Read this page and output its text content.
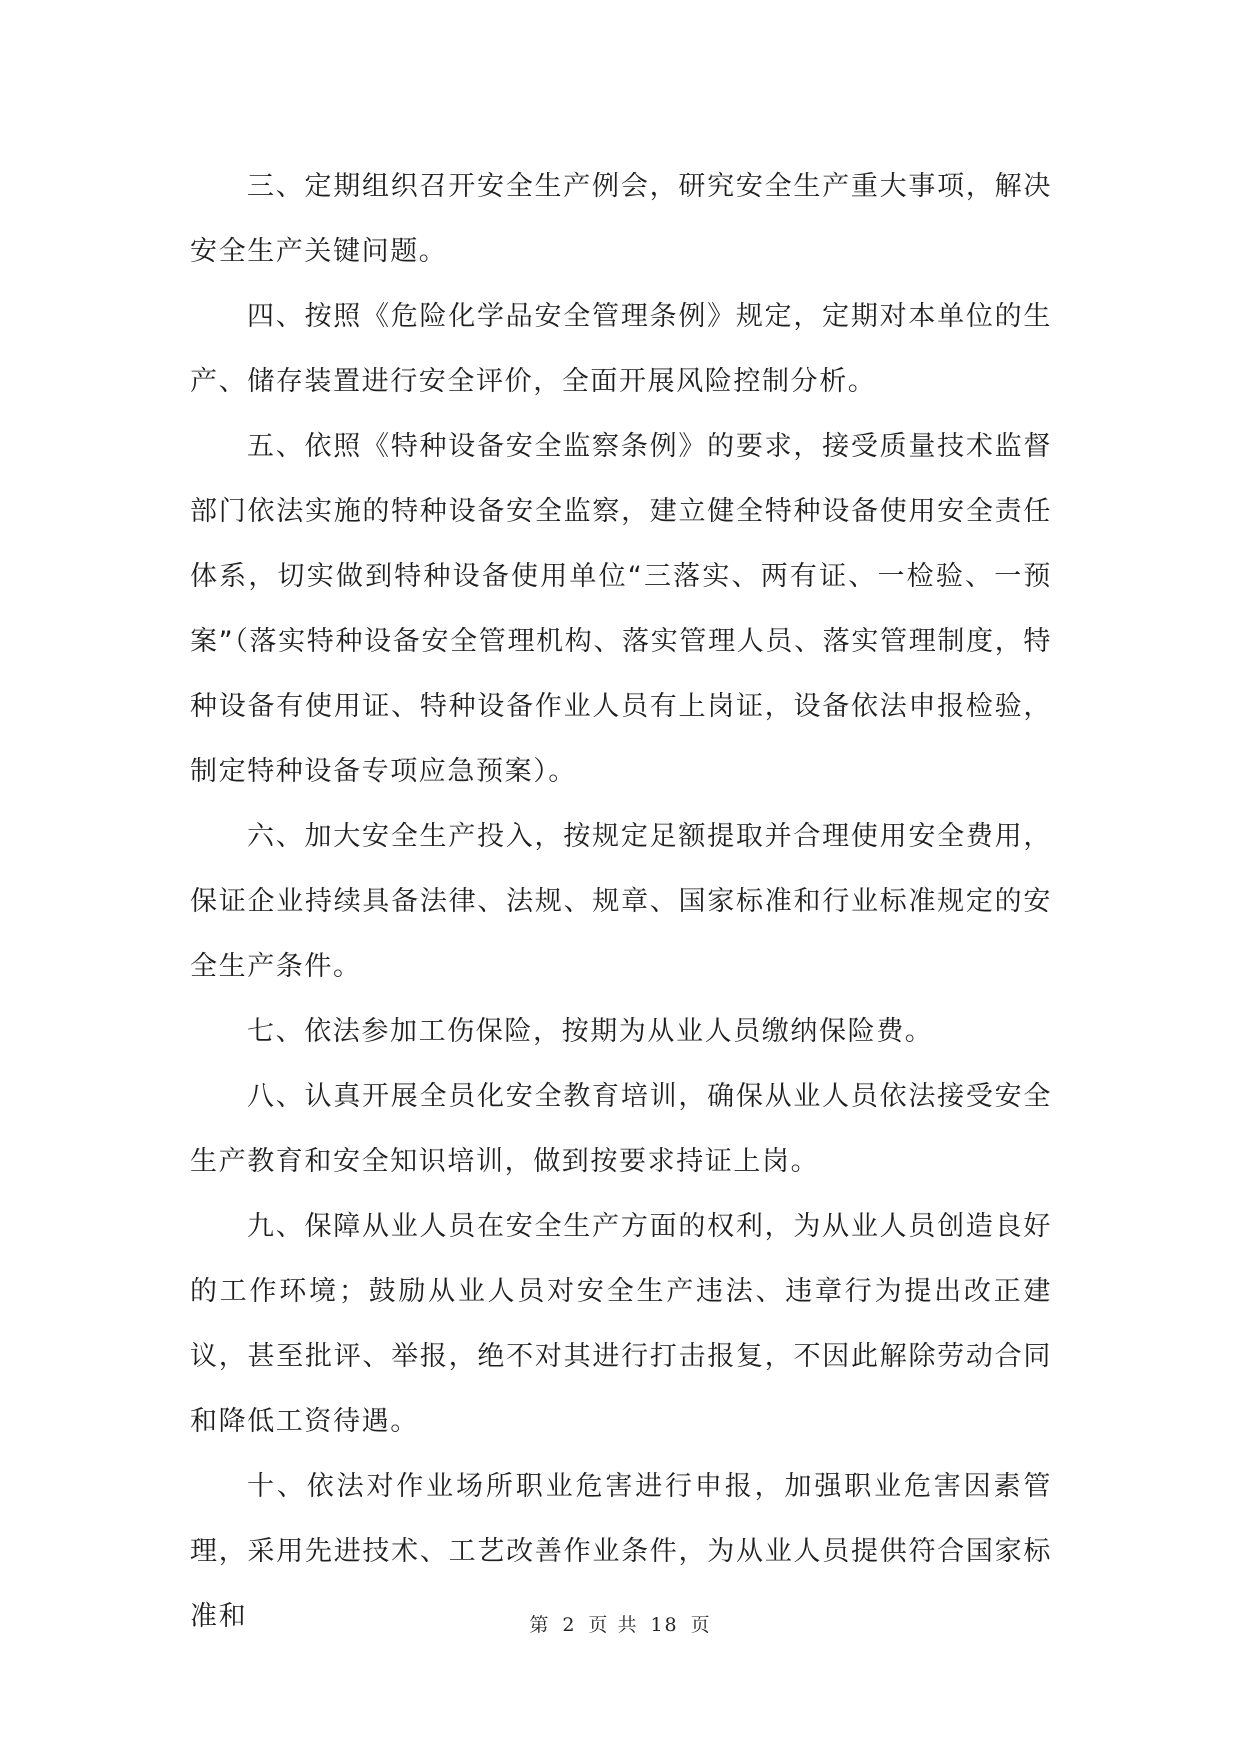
三、定期组织召开安全生产例会，研究安全生产重大事项，解决安全生产关键问题。

四、按照《危险化学品安全管理条例》规定，定期对本单位的生产、储存装置进行安全评价，全面开展风险控制分析。

五、依照《特种设备安全监察条例》的要求，接受质量技术监督部门依法实施的特种设备安全监察，建立健全特种设备使用安全责任体系，切实做到特种设备使用单位“三落实、两有证、一检验、一预案”（落实特种设备安全管理机构、落实管理人员、落实管理制度，特种设备有使用证、特种设备作业人员有上岗证，设备依法申报检验，制定特种设备专项应急预案）。

六、加大安全生产投入，按规定足额提取并合理使用安全费用，保证企业持续具备法律、法规、规章、国家标准和行业标准规定的安全生产条件。

七、依法参加工伤保险，按期为从业人员缴纳保险费。

八、认真开展全员化安全教育培训，确保从业人员依法接受安全生产教育和安全知识培训，做到按要求持证上岗。

九、保障从业人员在安全生产方面的权利，为从业人员创造良好的工作环境；鼓励从业人员对安全生产违法、违章行为提出改正建议，甚至批评、举报，绝不对其进行打击报复，不因此解除劳动合同和降低工资待遇。

十、依法对作业场所职业危害进行申报，加强职业危害因素管理，采用先进技术、工艺改善作业条件，为从业人员提供符合国家标准和	第 2 页 共 18 页
